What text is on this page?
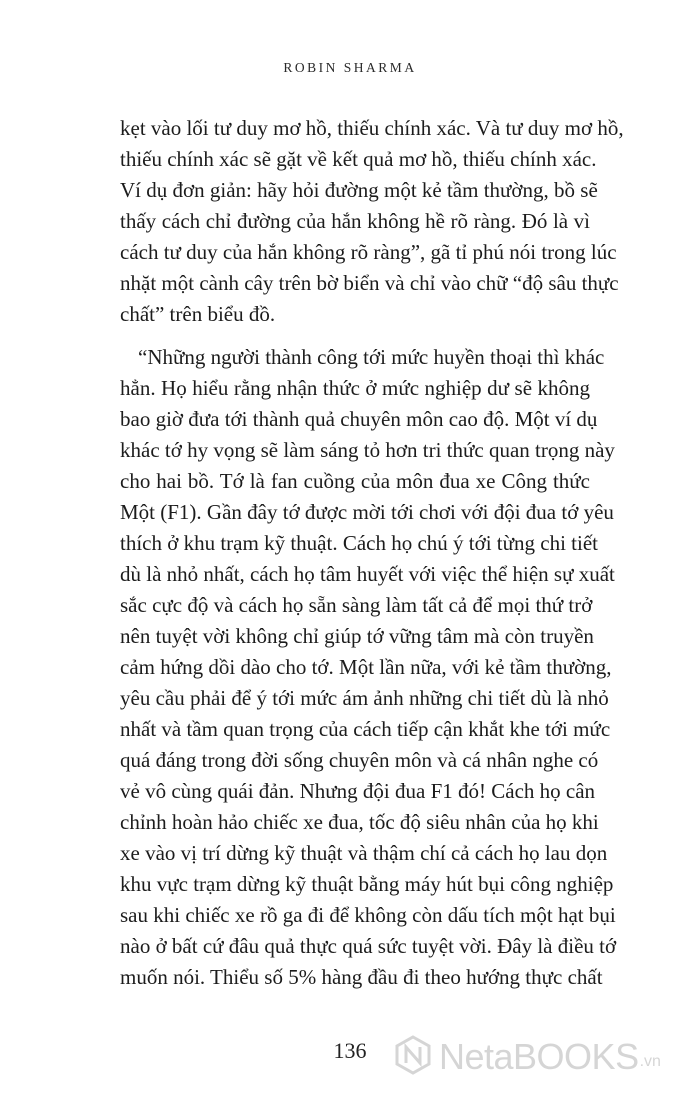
ROBIN SHARMA
kẹt vào lối tư duy mơ hồ, thiếu chính xác. Và tư duy mơ hồ,
thiếu chính xác sẽ gặt về kết quả mơ hồ, thiếu chính xác.
Ví dụ đơn giản: hãy hỏi đường một kẻ tầm thường, bồ sẽ
thấy cách chỉ đường của hắn không hề rõ ràng. Đó là vì
cách tư duy của hắn không rõ ràng”, gã tỉ phú nói trong lúc
nhặt một cành cây trên bờ biển và chỉ vào chữ “độ sâu thực
chất” trên biểu đồ.
“Những người thành công tới mức huyền thoại thì khác
hẳn. Họ hiểu rằng nhận thức ở mức nghiệp dư sẽ không
bao giờ đưa tới thành quả chuyên môn cao độ. Một ví dụ
khác tớ hy vọng sẽ làm sáng tỏ hơn tri thức quan trọng này
cho hai bồ. Tớ là fan cuồng của môn đua xe Công thức
Một (F1). Gần đây tớ được mời tới chơi với đội đua tớ yêu
thích ở khu trạm kỹ thuật. Cách họ chú ý tới từng chi tiết
dù là nhỏ nhất, cách họ tâm huyết với việc thể hiện sự xuất
sắc cực độ và cách họ sẵn sàng làm tất cả để mọi thứ trở
nên tuyệt vời không chỉ giúp tớ vững tâm mà còn truyền
cảm hứng dồi dào cho tớ. Một lần nữa, với kẻ tầm thường,
yêu cầu phải để ý tới mức ám ảnh những chi tiết dù là nhỏ
nhất và tầm quan trọng của cách tiếp cận khắt khe tới mức
quá đáng trong đời sống chuyên môn và cá nhân nghe có
vẻ vô cùng quái đản. Nhưng đội đua F1 đó! Cách họ cân
chỉnh hoàn hảo chiếc xe đua, tốc độ siêu nhân của họ khi
xe vào vị trí dừng kỹ thuật và thậm chí cả cách họ lau dọn
khu vực trạm dừng kỹ thuật bằng máy hút bụi công nghiệp
sau khi chiếc xe rồ ga đi để không còn dấu tích một hạt bụi
nào ở bất cứ đâu quả thực quá sức tuyệt vời. Đây là điều tớ
muốn nói. Thiểu số 5% hàng đầu đi theo hướng thực chất
136	NetaBOOKS .vn
